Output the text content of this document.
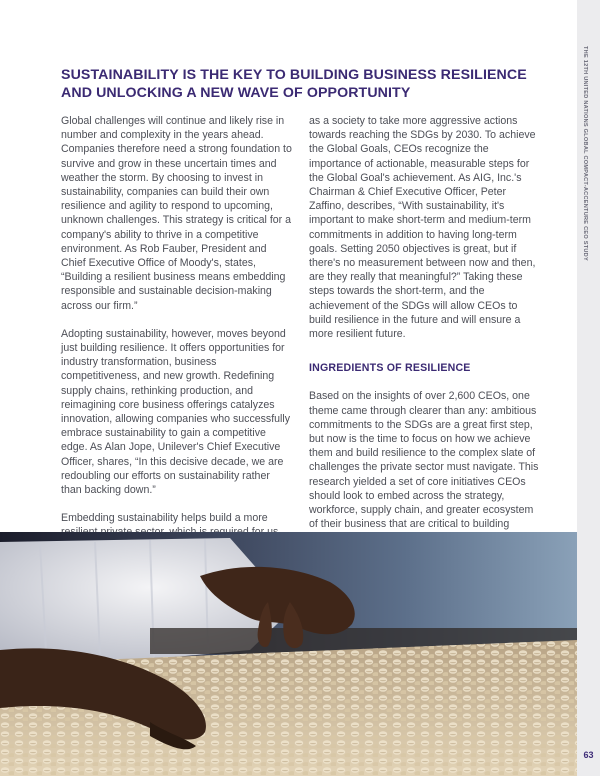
SUSTAINABILITY IS THE KEY TO BUILDING BUSINESS RESILIENCE
AND UNLOCKING A NEW WAVE OF OPPORTUNITY

Global challenges will continue and likely rise in number and complexity in the years ahead. Companies therefore need a strong foundation to survive and grow in these uncertain times and weather the storm. By choosing to invest in sustainability, companies can build their own resilience and agility to respond to upcoming, unknown challenges. This strategy is critical for a company's ability to thrive in a competitive environment. As Rob Fauber, President and Chief Executive Office of Moody's, states, “Building a resilient business means embedding responsible and sustainable decision-making across our firm.”

Adopting sustainability, however, moves beyond just building resilience. It offers opportunities for industry transformation, business competitiveness, and new growth. Redefining supply chains, rethinking production, and reimagining core business offerings catalyzes innovation, allowing companies who successfully embrace sustainability to gain a competitive edge. As Alan Jope, Unilever's Chief Executive Officer, shares, “In this decisive decade, we are redoubling our efforts on sustainability rather than backing down.”

Embedding sustainability helps build a more

as a society to take more aggressive actions towards reaching the SDGs by 2030. To achieve the Global Goals, CEOs recognize the importance of actionable, measurable steps for the Global Goal's achievement. As AIG, Inc.'s Chairman & Chief Executive Officer, Peter Zaffino, describes, “With sustainability, it's important to make short-term and medium-term commitments in addition to having long-term goals. Setting 2050 objectives is great, but if there's no measurement between now and then, are they really that meaningful?” Taking these steps towards the short-term, and the achievement of the SDGs will allow CEOs to build resilience in the future and will ensure a more resilient future.

INGREDIENTS OF RESILIENCE

Based on the insights of over 2,600 CEOs, one theme came through clearer than any: ambitious commitments to the SDGs are a great first step, but now is the time to focus on how we achieve them and build resilience to the complex slate of challenges the private sector must navigate. This research yielded a set of core initiatives CEOs should look to embed across the strategy, workforce, supply chain, and greater ecosystem of their business that are critical to building

THE 12TH UNITED NATIONS GLOBAL COMPACT-ACCENTURE CEO STUDY
63
